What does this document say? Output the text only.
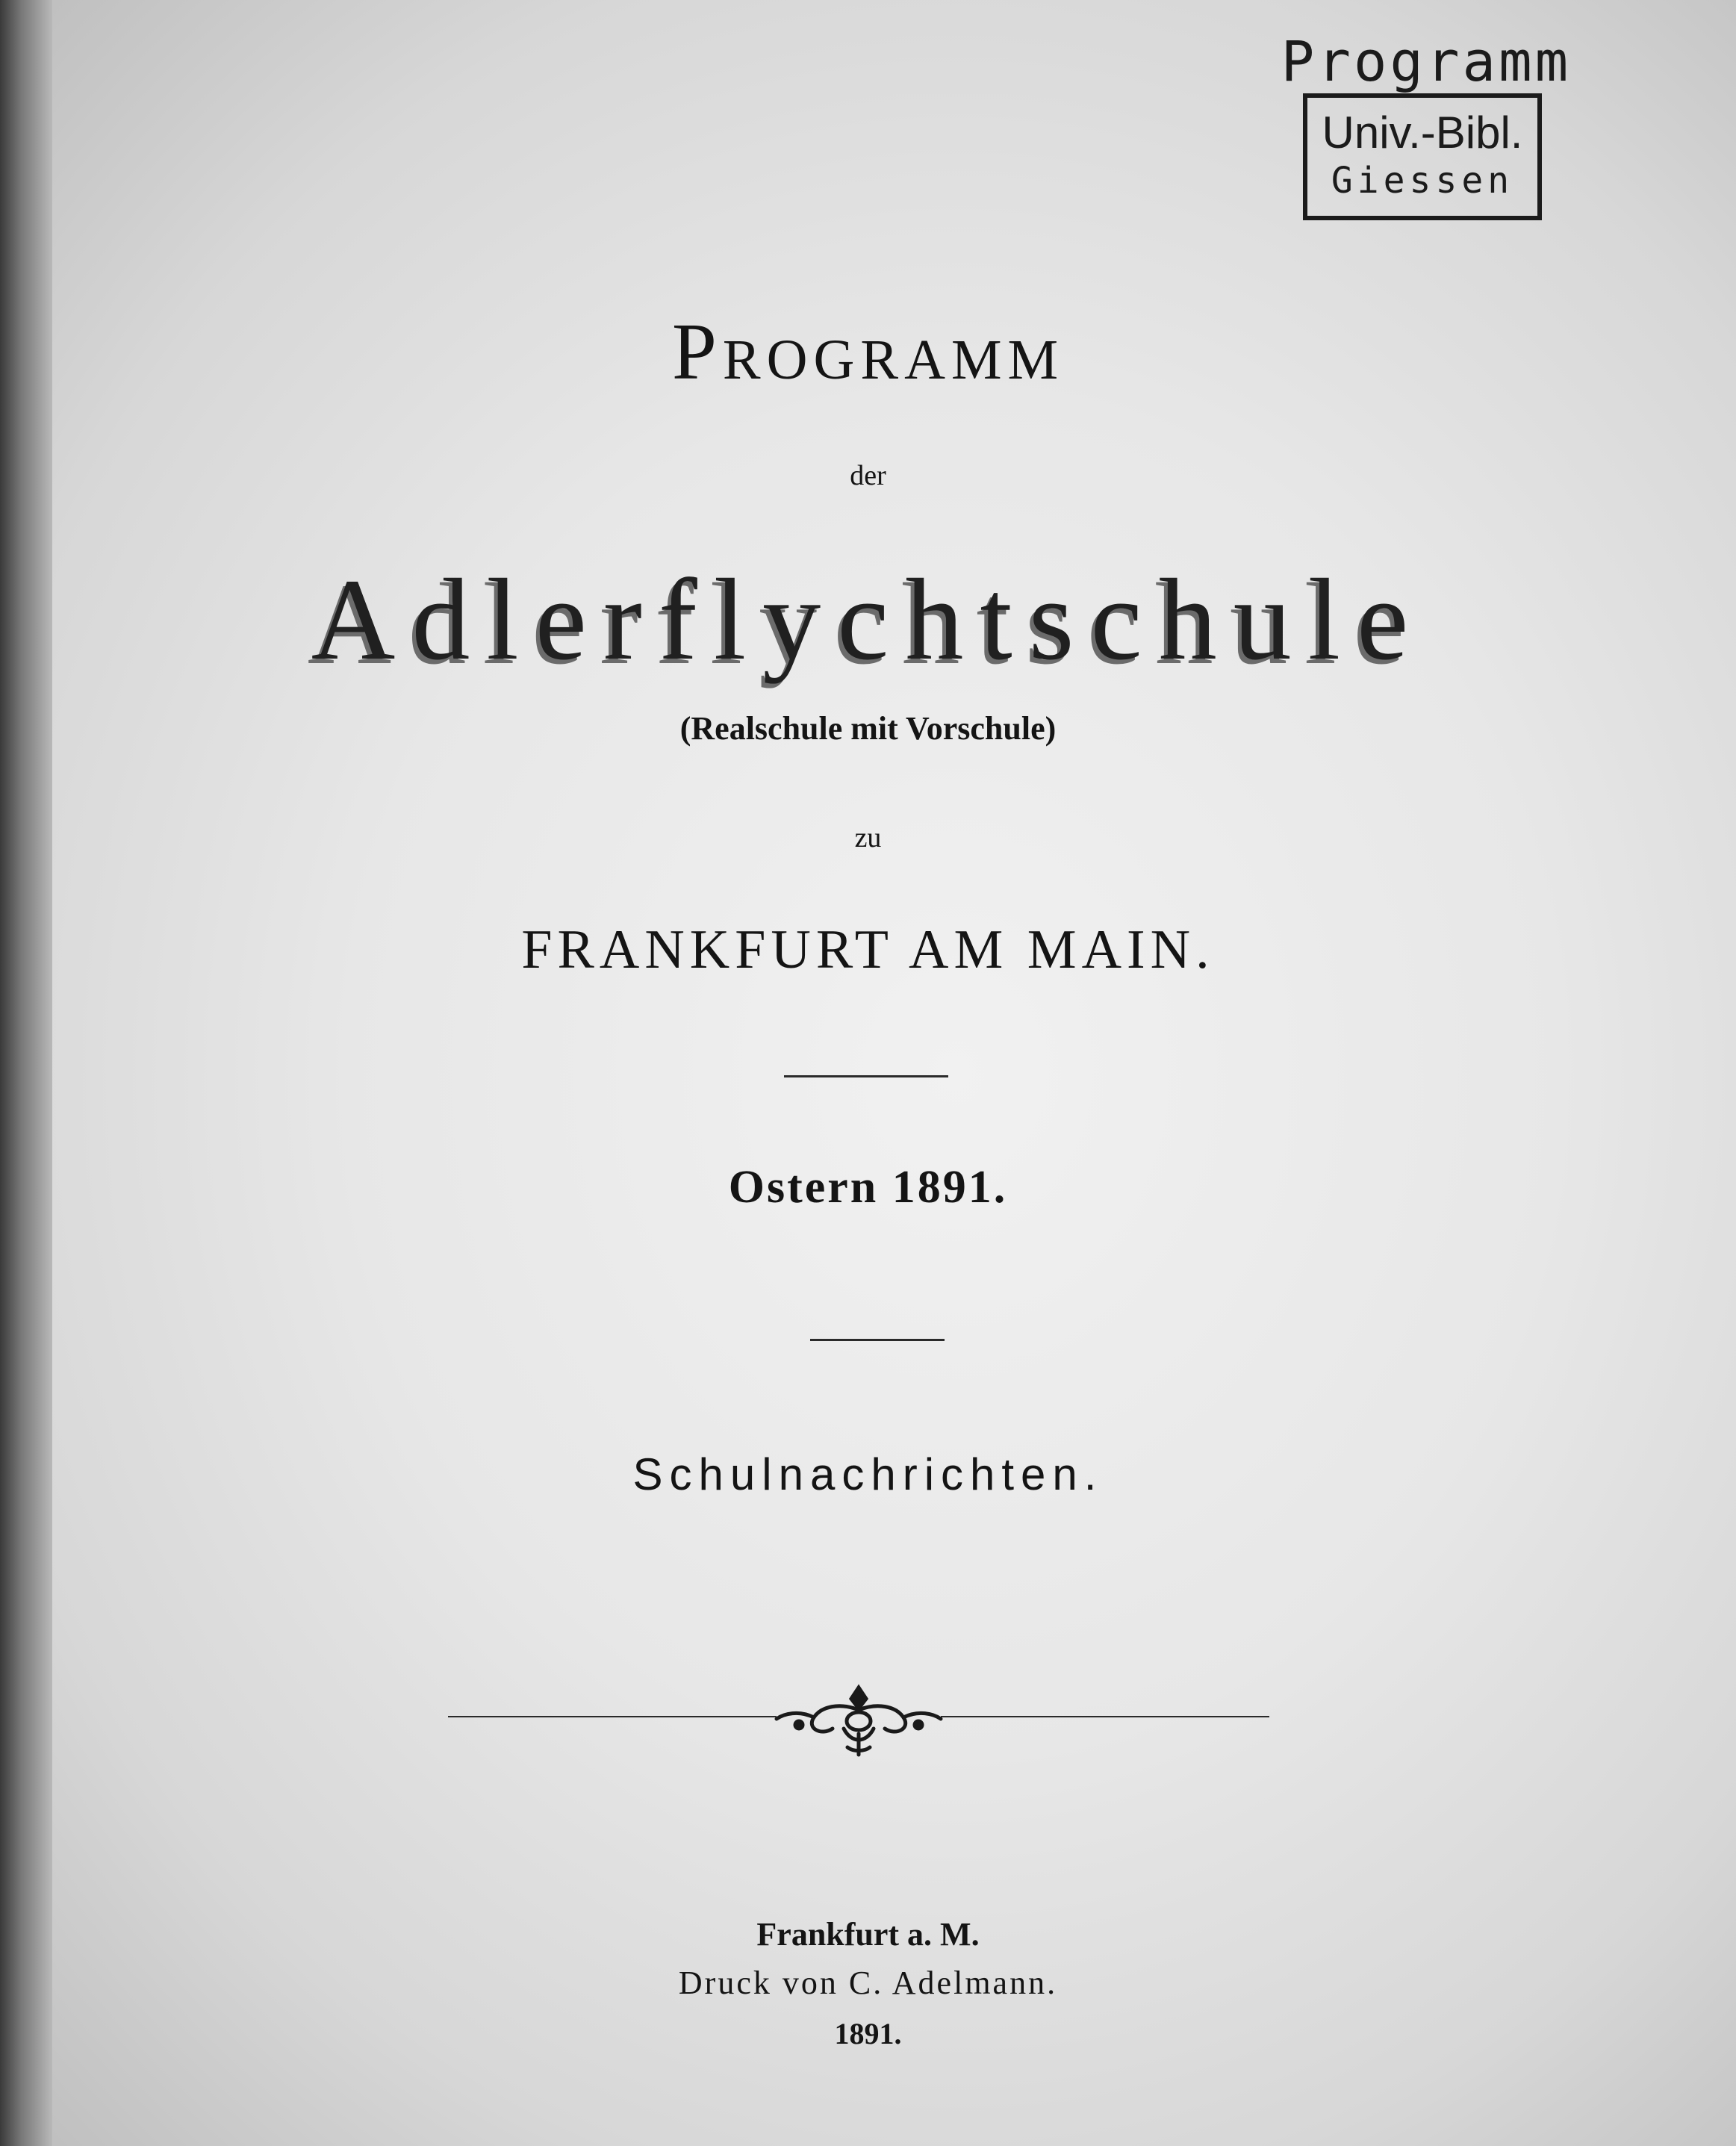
Programm
Univ.-Bibl.
Giessen
Programm
der
Adlerflychtschule
(Realschule mit Vorschule)
zu
FRANKFURT AM MAIN.
Ostern 1891.
Schulnachrichten.
Frankfurt a. M.
Druck von C. Adelmann.
1891.
